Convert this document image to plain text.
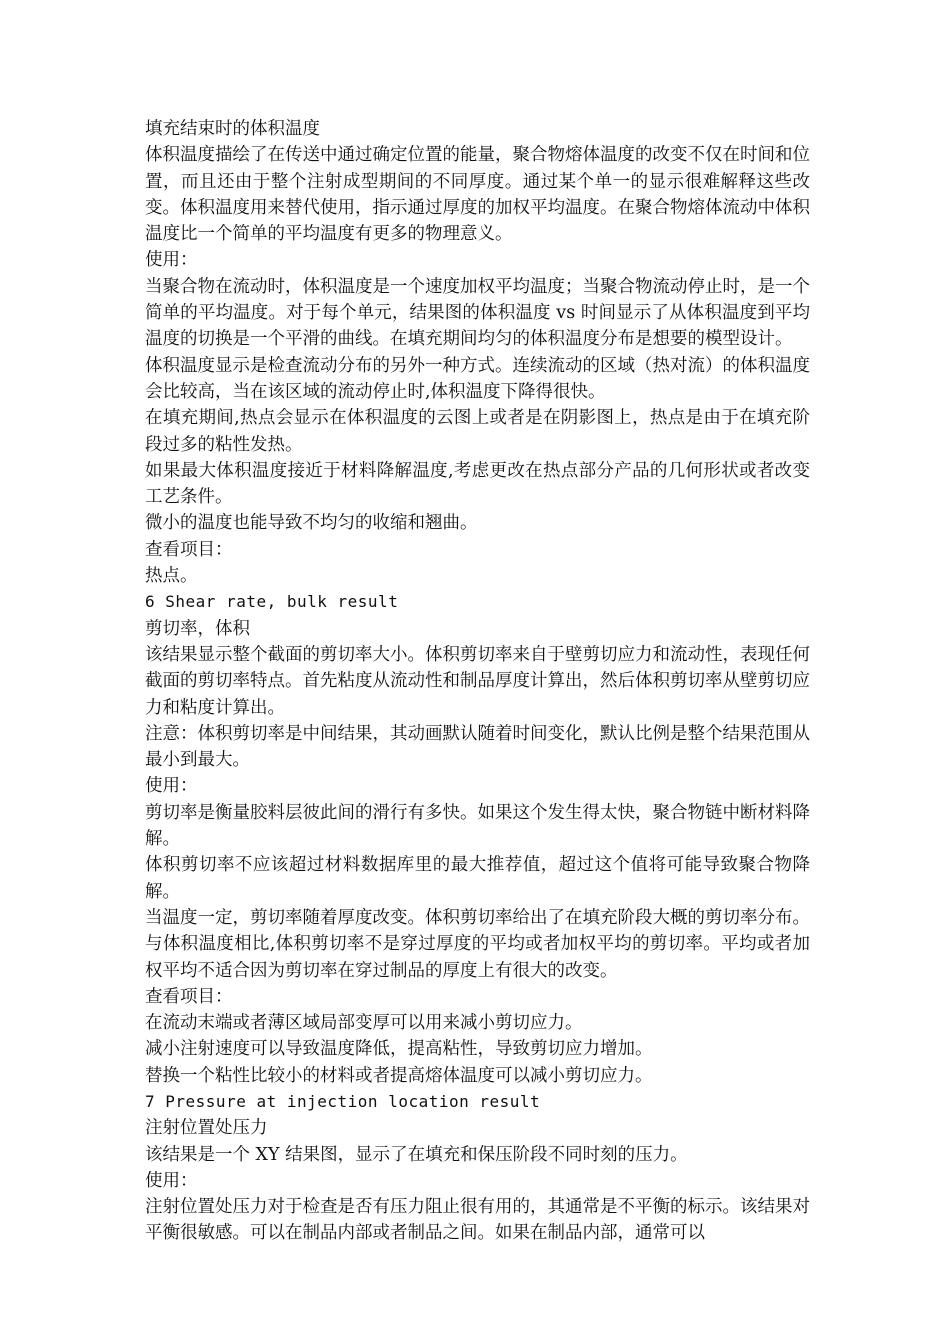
填充结束时的体积温度

体积温度描绘了在传送中通过确定位置的能量，聚合物熔体温度的改变不仅在时间和位置，而且还由于整个注射成型期间的不同厚度。通过某个单一的显示很难解释这些改变。体积温度用来替代使用，指示通过厚度的加权平均温度。在聚合物熔体流动中体积温度比一个简单的平均温度有更多的物理意义。

使用：

当聚合物在流动时，体积温度是一个速度加权平均温度；当聚合物流动停止时，是一个简单的平均温度。对于每个单元，结果图的体积温度 vs 时间显示了从体积温度到平均温度的切换是一个平滑的曲线。在填充期间均匀的体积温度分布是想要的模型设计。

体积温度显示是检查流动分布的另外一种方式。连续流动的区域（热对流）的体积温度会比较高，当在该区域的流动停止时,体积温度下降得很快。

在填充期间,热点会显示在体积温度的云图上或者是在阴影图上，热点是由于在填充阶段过多的粘性发热。

如果最大体积温度接近于材料降解温度,考虑更改在热点部分产品的几何形状或者改变工艺条件。

微小的温度也能导致不均匀的收缩和翘曲。

查看项目：

热点。

6 Shear rate, bulk result

剪切率，体积

该结果显示整个截面的剪切率大小。体积剪切率来自于壁剪切应力和流动性，表现任何截面的剪切率特点。首先粘度从流动性和制品厚度计算出，然后体积剪切率从壁剪切应力和粘度计算出。

注意：体积剪切率是中间结果，其动画默认随着时间变化，默认比例是整个结果范围从最小到最大。

使用：

剪切率是衡量胶料层彼此间的滑行有多快。如果这个发生得太快，聚合物链中断材料降解。

体积剪切率不应该超过材料数据库里的最大推荐值，超过这个值将可能导致聚合物降解。

当温度一定，剪切率随着厚度改变。体积剪切率给出了在填充阶段大概的剪切率分布。与体积温度相比,体积剪切率不是穿过厚度的平均或者加权平均的剪切率。平均或者加权平均不适合因为剪切率在穿过制品的厚度上有很大的改变。

查看项目：

在流动末端或者薄区域局部变厚可以用来减小剪切应力。

减小注射速度可以导致温度降低，提高粘性，导致剪切应力增加。

替换一个粘性比较小的材料或者提高熔体温度可以减小剪切应力。

7 Pressure at injection location result

注射位置处压力

该结果是一个 XY 结果图，显示了在填充和保压阶段不同时刻的压力。

使用：

注射位置处压力对于检查是否有压力阻止很有用的，其通常是不平衡的标示。该结果对平衡很敏感。可以在制品内部或者制品之间。如果在制品内部，通常可以
